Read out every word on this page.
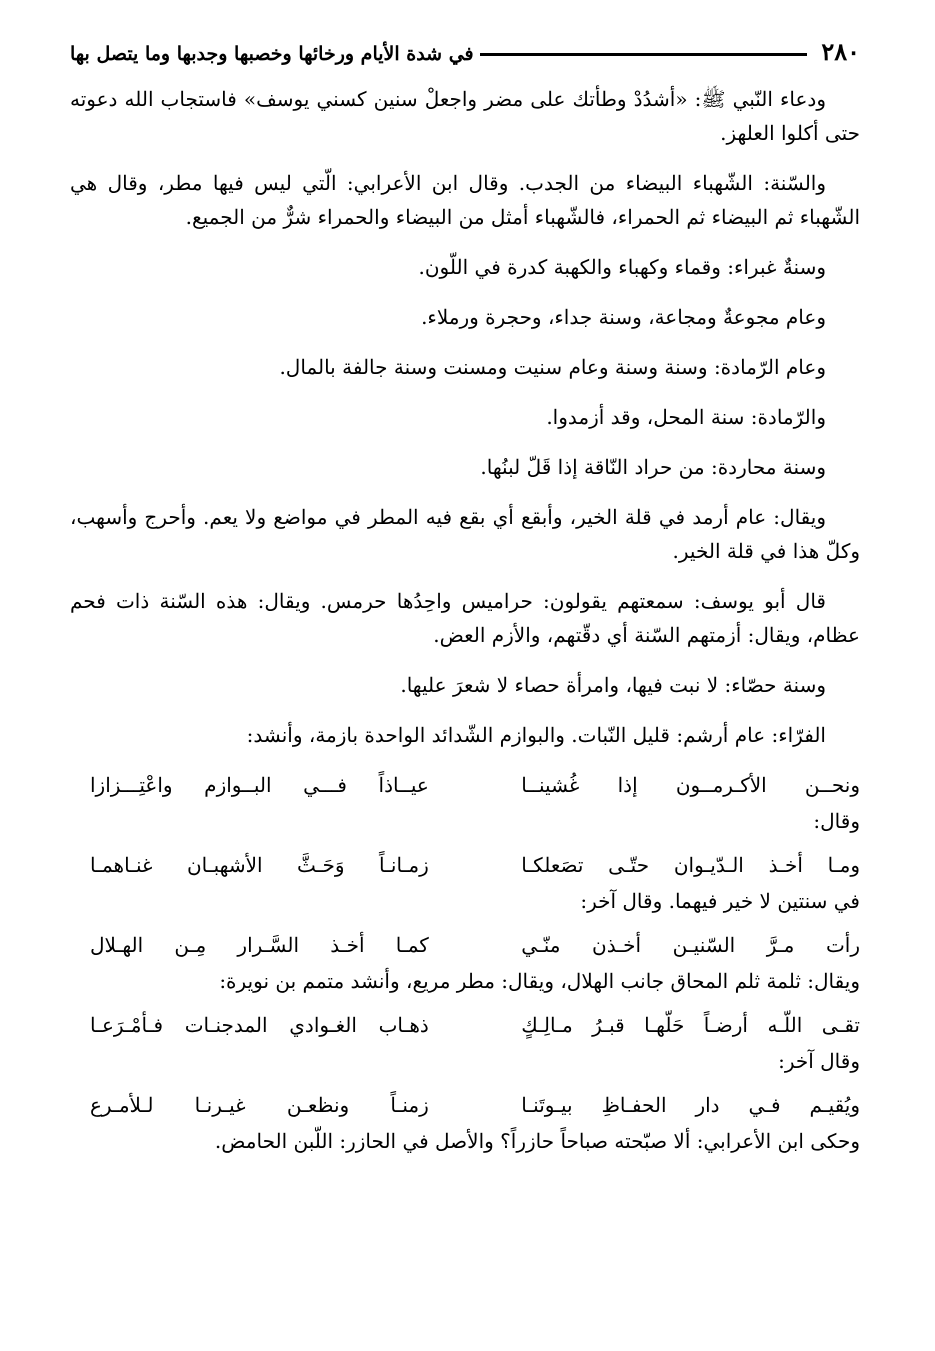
٢٨٠
في شدة الأيام ورخائها وخصبها وجدبها وما يتصل بها

ودعاء النّبي ﷺ: «أشدُدْ وطأتك على مضر واجعلْ سنين كسني يوسف» فاستجاب الله دعوته حتى أكلوا العلهز.

والسّنة: الشّهباء البيضاء من الجدب. وقال ابن الأعرابي: الّتي ليس فيها مطر، وقال هي الشّهباء ثم البيضاء ثم الحمراء، فالشّهباء أمثل من البيضاء والحمراء شرٌّ من الجميع.

وسنةٌ غبراء: وقماء وكهباء والكهبة كدرة في اللّون.

وعام مجوعةٌ ومجاعة، وسنة جداء، وحجرة ورملاء.

وعام الرّمادة: وسنة وسنة وعام سنيت ومسنت وسنة جالفة بالمال.

والرّمادة: سنة المحل، وقد أزمدوا.

وسنة محاردة: من حراد النّاقة إذا قَلّ لبنُها.

ويقال: عام أرمد في قلة الخير، وأبقع أي بقع فيه المطر في مواضع ولا يعم. وأحرج وأسهب، وكلّ هذا في قلة الخير.

قال أبو يوسف: سمعتهم يقولون: حراميس واحِدُها حرمس. ويقال: هذه السّنة ذات فحم عظام، ويقال: أزمتهم السّنة أي دقّتهم، والأزم العض.

وسنة حصّاء: لا نبت فيها، وامرأة حصاء لا شعرَ عليها.

الفرّاء: عام أرشم: قليل النّبات. والبوازم الشّدائد الواحدة بازمة، وأنشد:

ونحــن الأكـرمــون إذا غُشينــا
عيــاذاً فـــي البــوازم واعْتِـــزازا
وقال:
ومـا أخـذ الـدّيـوان حتّـى تصَعلكـا
زمـانـاً وَحَـثَّ الأشهبـان غنـاهمـا
في سنتين لا خير فيهما. وقال آخر:
رأت مـرَّ السّنيـن أخـذن منّـي
كمـا أخـذ السَّـرار مِـن الهـلال
ويقال: ثلمة ثلم المحاق جانب الهلال، ويقال: مطر مريع، وأنشد متمم بن نويرة:
تقـى اللّـه أرضـاً حَلّهـا قبـرُ مـالِـكٍ
ذهـاب الغـوادي المدجنـات فـأمْـرَعـا
وقال آخر:
ويُقيـم فـي دار الحفـاظِ بيـوتَنـا
زمنـاً ونظعـن غيـرنـا لـلأمـرع
وحكى ابن الأعرابي: ألا صبّحته صباحاً حازراً؟ والأصل في الحازر: اللّبن الحامض.
